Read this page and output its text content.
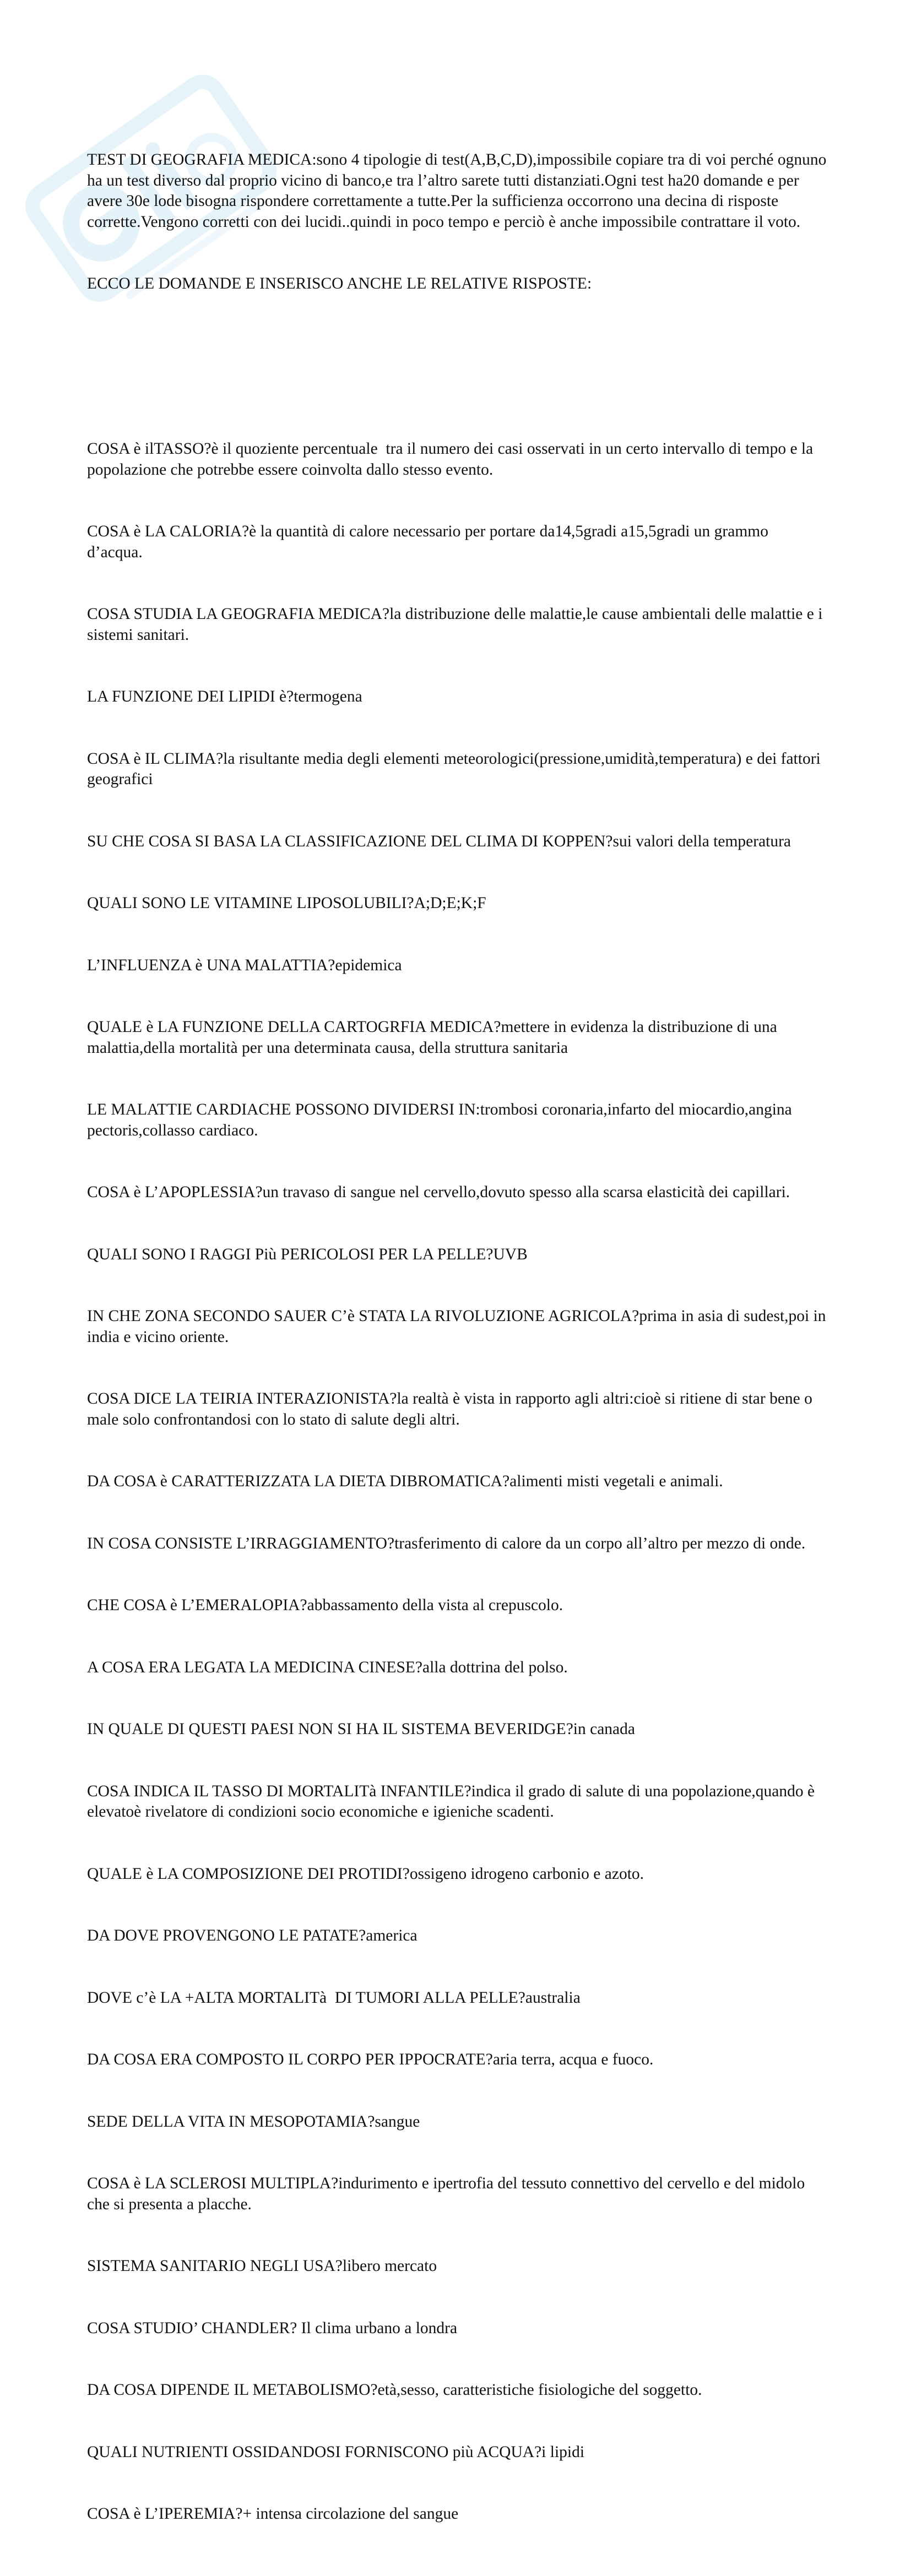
TEST DI GEOGRAFIA MEDICA:sono 4 tipologie di test(A,B,C,D),impossibile copiare tra di voi perché ognuno ha un test diverso dal proprio vicino di banco,e tra l’altro sarete tutti distanziati.Ogni test ha20 domande e per avere 30e lode bisogna rispondere correttamente a tutte.Per la sufficienza occorrono una decina di risposte corrette.Vengono corretti con dei lucidi..quindi in poco tempo e perciò è anche impossibile contrattare il voto.

ECCO LE DOMANDE E INSERISCO ANCHE LE RELATIVE RISPOSTE:

COSA è ilTASSO?è il quoziente percentuale  tra il numero dei casi osservati in un certo intervallo di tempo e la popolazione che potrebbe essere coinvolta dallo stesso evento.

COSA è LA CALORIA?è la quantità di calore necessario per portare da14,5gradi a15,5gradi un grammo d’acqua.

COSA STUDIA LA GEOGRAFIA MEDICA?la distribuzione delle malattie,le cause ambientali delle malattie e i sistemi sanitari.

LA FUNZIONE DEI LIPIDI è?termogena

COSA è IL CLIMA?la risultante media degli elementi meteorologici(pressione,umidità,temperatura) e dei fattori geografici

SU CHE COSA SI BASA LA CLASSIFICAZIONE DEL CLIMA DI KOPPEN?sui valori della temperatura

QUALI SONO LE VITAMINE LIPOSOLUBILI?A;D;E;K;F

L’INFLUENZA è UNA MALATTIA?epidemica

QUALE è LA FUNZIONE DELLA CARTOGRFIA MEDICA?mettere in evidenza la distribuzione di una malattia,della mortalità per una determinata causa, della struttura sanitaria

LE MALATTIE CARDIACHE POSSONO DIVIDERSI IN:trombosi coronaria,infarto del miocardio,angina pectoris,collasso cardiaco.

COSA è L’APOPLESSIA?un travaso di sangue nel cervello,dovuto spesso alla scarsa elasticità dei capillari.

QUALI SONO I RAGGI Più PERICOLOSI PER LA PELLE?UVB

IN CHE ZONA SECONDO SAUER C’è STATA LA RIVOLUZIONE AGRICOLA?prima in asia di sudest,poi in india e vicino oriente.

COSA DICE LA TEIRIA INTERAZIONISTA?la realtà è vista in rapporto agli altri:cioè si ritiene di star bene o male solo confrontandosi con lo stato di salute degli altri.

DA COSA è CARATTERIZZATA LA DIETA DIBROMATICA?alimenti misti vegetali e animali.

IN COSA CONSISTE L’IRRAGGIAMENTO?trasferimento di calore da un corpo all’altro per mezzo di onde.

CHE COSA è L’EMERALOPIA?abbassamento della vista al crepuscolo.

A COSA ERA LEGATA LA MEDICINA CINESE?alla dottrina del polso.

IN QUALE DI QUESTI PAESI NON SI HA IL SISTEMA BEVERIDGE?in canada

COSA INDICA IL TASSO DI MORTALITà INFANTILE?indica il grado di salute di una popolazione,quando è elevatoè rivelatore di condizioni socio economiche e igieniche scadenti.

QUALE è LA COMPOSIZIONE DEI PROTIDI?ossigeno idrogeno carbonio e azoto.

DA DOVE PROVENGONO LE PATATE?america

DOVE c’è LA +ALTA MORTALITà  DI TUMORI ALLA PELLE?australia

DA COSA ERA COMPOSTO IL CORPO PER IPPOCRATE?aria terra, acqua e fuoco.

SEDE DELLA VITA IN MESOPOTAMIA?sangue

COSA è LA SCLEROSI MULTIPLA?indurimento e ipertrofia del tessuto connettivo del cervello e del midolo che si presenta a placche.

SISTEMA SANITARIO NEGLI USA?libero mercato

COSA STUDIO’ CHANDLER? Il clima urbano a londra

DA COSA DIPENDE IL METABOLISMO?età,sesso, caratteristiche fisiologiche del soggetto.

QUALI NUTRIENTI OSSIDANDOSI FORNISCONO più ACQUA?i lipidi

COSA è L’IPEREMIA?+ intensa circolazione del sangue
